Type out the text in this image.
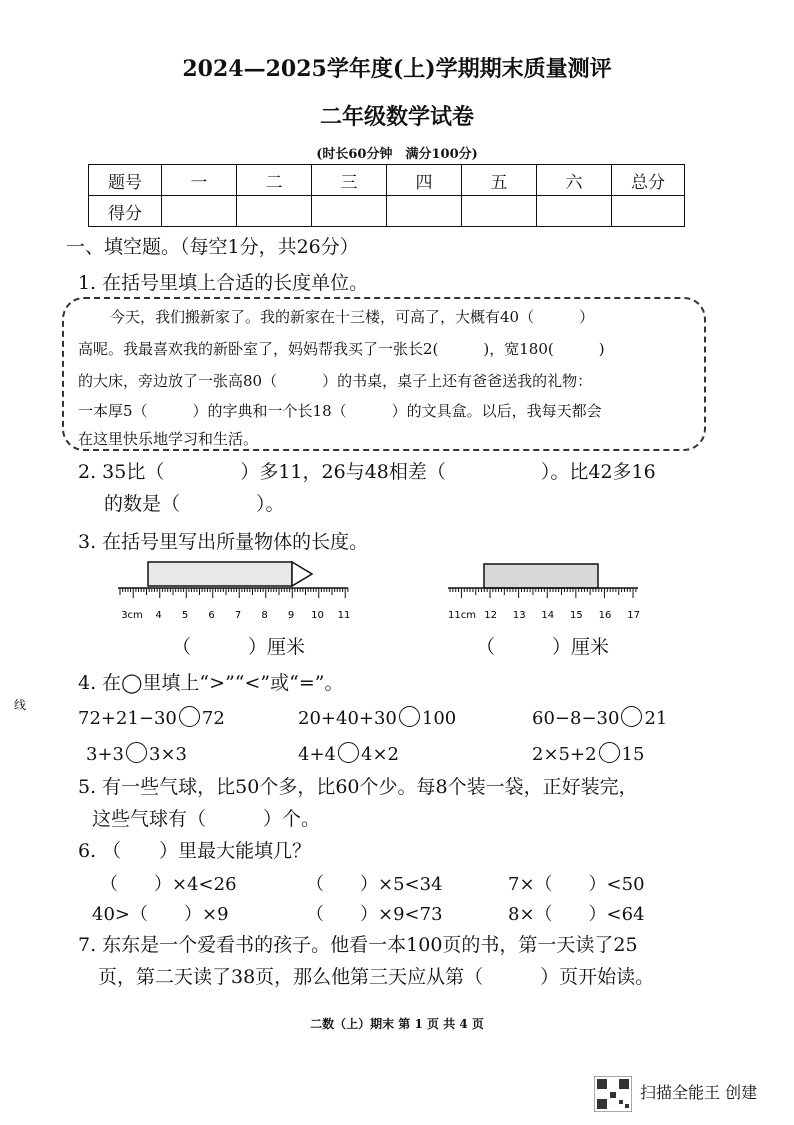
2024—2025学年度(上)学期期末质量测评
二年级数学试卷
(时长60分钟　满分100分)
题号	一	二	三	四	五	六	总分
得分							
一、填空题。（每空1分，共26分）
1. 在括号里填上合适的长度单位。
今天，我们搬新家了。我的新家在十三楼，可高了，大概有40（　　　）
高呢。我最喜欢我的新卧室了，妈妈帮我买了一张长2(　　　)，宽180(　　　)
的大床，旁边放了一张高80（　　　）的书桌，桌子上还有爸爸送我的礼物：
一本厚5（　　　）的字典和一个长18（　　　）的文具盒。以后，我每天都会
在这里快乐地学习和生活。
2. 35比（　　　　）多11，26与48相差（　　　　　）。比42多16
的数是（　　　　）。
3. 在括号里写出所量物体的长度。
3cm 4 5 6 7 8 9 10 11
（　　　）厘米
11cm 12 13 14 15 16 17
（　　　）厘米
4. 在◯里填上“>”“<”或“=”。
72+21−30 72	20+40+30 100	60−8−30 21
3+3 3×3	4+4 4×2	2×5+2 15
5. 有一些气球，比50个多，比60个少。每8个装一袋，正好装完，
这些气球有（　　　）个。
6. （　　）里最大能填几？
（　　）×4<26	（　　）×5<34	7×（　　）<50
40>（　　）×9	（　　）×9<73	8×（　　）<64
7. 东东是一个爱看书的孩子。他看一本100页的书，第一天读了25
页，第二天读了38页，那么他第三天应从第（　　　）页开始读。
二数（上）期末 第 1 页 共 4 页
线
扫描全能王 创建
